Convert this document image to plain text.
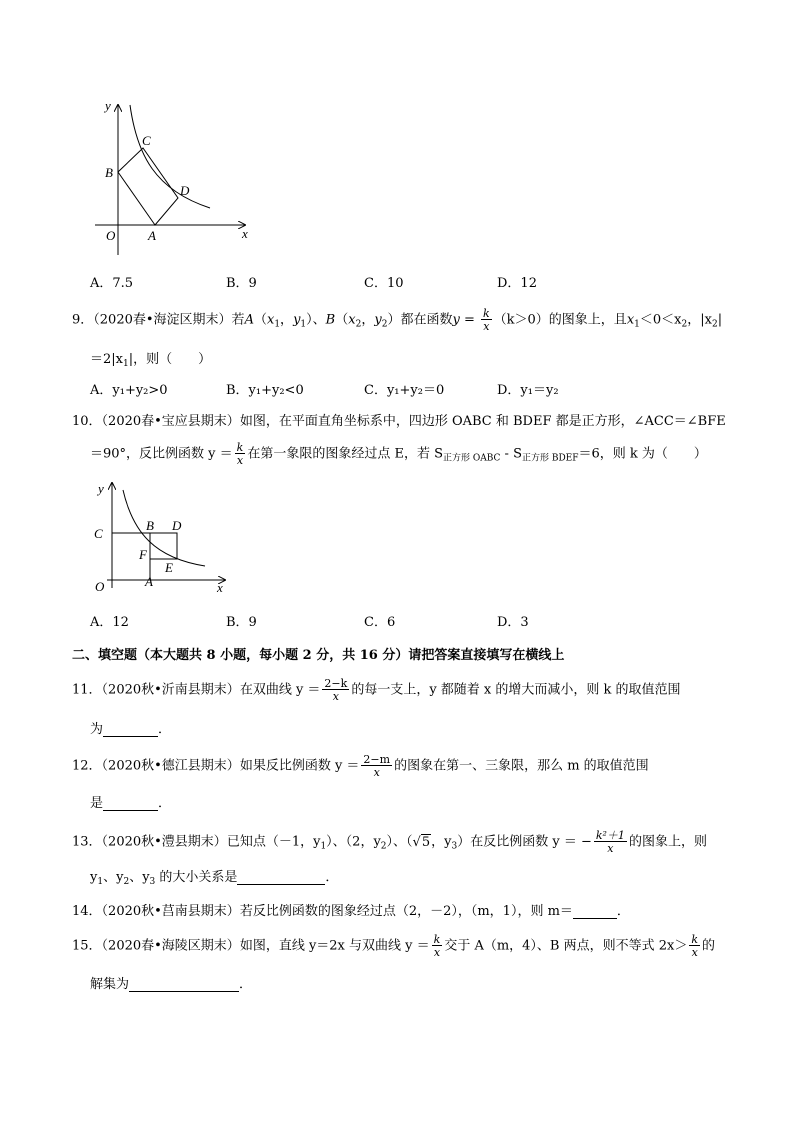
y
x
O	A
B
C
D
A．7.5	B．9	C．10	D．12
9．（2020春•海淀区期末）若$A(x_1$，$y_1$）、$B(x_2$，$y_2$）都在函数$y = \frac{k}{x} (k>0)$的图象上，且$x_1<0<x_2$，$|x_2|$
$=2|x_1|$，则（　　）
A．y₁+y₂>0	B．y₁+y₂<0	C．y₁+y₂＝0	D．y₁＝y₂
10．（2020春•宝应县期末）如图，在平面直角坐标系中，四边形 OABC 和 BDEF 都是正方形，∠ACC＝∠BFE
＝90°，反比例函数 $y = \frac{k}{x}$ 在第一象限的图象经过点 E，若 $S_{正方形 OABC} - S_{正方形 BDEF}=6$，则 k 为（　　）
y
x
O	A
B
C
D
E
F
A．12	B．9	C．6	D．3
二、填空题（本大题共 8 小题，每小题 2 分，共 16 分）请把答案直接填写在横线上
11．（2020秋•沂南县期末）在双曲线 $y = \frac{2-k}{x}$ 的每一支上，y 都随着 x 的增大而减小，则 k 的取值范围
为	．
12．（2020秋•德江县期末）如果反比例函数 $y = \frac{2-m}{x}$ 的图象在第一、三象限，那么 m 的取值范围
是	．
13．（2020秋•澧县期末）已知点（－1，$y_1$）、（2，$y_2$）、（√5，$y_3$）在反比例函数 y ＝ − $\frac{\text{k²＋1}}{x}$ 的图象上，则
$y_1$、$y_2$、$y_3$ 的大小关系是	．
14．（2020秋•莒南县期末）若反比例函数的图象经过点（2，－2），（m，1），则 m＝	．
15．（2020春•海陵区期末）如图，直线 y＝2x 与双曲线 $y = \frac{k}{x}$ 交于 A（m，4）、B 两点，则不等式 $2x> \frac{k}{x}$ 的
解集为	．
